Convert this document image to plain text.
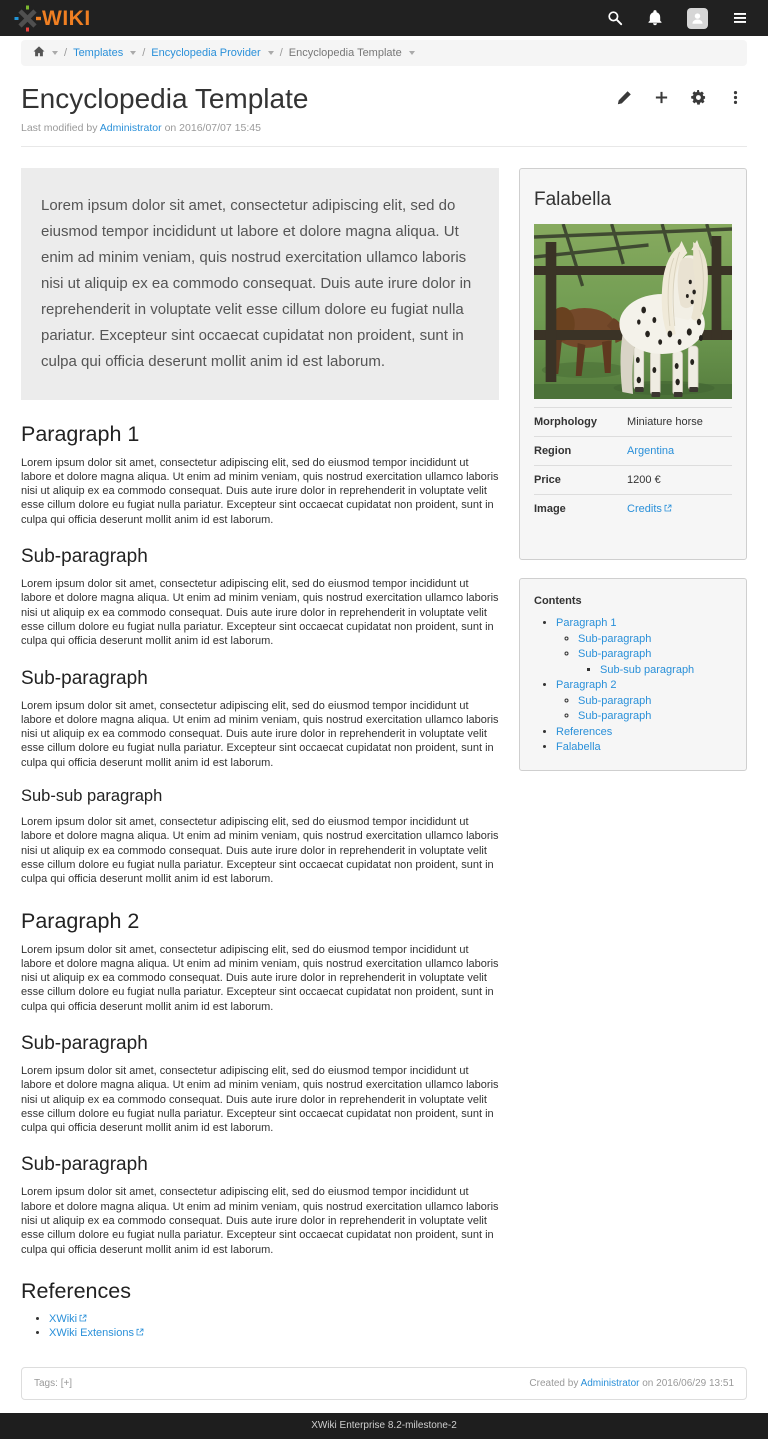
WIKI
/ Templates / Encyclopedia Provider / Encyclopedia Template
Encyclopedia Template
Last modified by Administrator on 2016/07/07 15:45
Lorem ipsum dolor sit amet, consectetur adipiscing elit, sed do eiusmod tempor incididunt ut labore et dolore magna aliqua. Ut enim ad minim veniam, quis nostrud exercitation ullamco laboris nisi ut aliquip ex ea commodo consequat. Duis aute irure dolor in reprehenderit in voluptate velit esse cillum dolore eu fugiat nulla pariatur. Excepteur sint occaecat cupidatat non proident, sunt in culpa qui officia deserunt mollit anim id est laborum.
Paragraph 1

Lorem ipsum dolor sit amet, consectetur adipiscing elit, sed do eiusmod tempor incididunt ut labore et dolore magna aliqua. Ut enim ad minim veniam, quis nostrud exercitation ullamco laboris nisi ut aliquip ex ea commodo consequat. Duis aute irure dolor in reprehenderit in voluptate velit esse cillum dolore eu fugiat nulla pariatur. Excepteur sint occaecat cupidatat non proident, sunt in culpa qui officia deserunt mollit anim id est laborum.

Sub-paragraph

Lorem ipsum dolor sit amet, consectetur adipiscing elit, sed do eiusmod tempor incididunt ut labore et dolore magna aliqua. Ut enim ad minim veniam, quis nostrud exercitation ullamco laboris nisi ut aliquip ex ea commodo consequat. Duis aute irure dolor in reprehenderit in voluptate velit esse cillum dolore eu fugiat nulla pariatur. Excepteur sint occaecat cupidatat non proident, sunt in culpa qui officia deserunt mollit anim id est laborum.

Sub-paragraph

Lorem ipsum dolor sit amet, consectetur adipiscing elit, sed do eiusmod tempor incididunt ut labore et dolore magna aliqua. Ut enim ad minim veniam, quis nostrud exercitation ullamco laboris nisi ut aliquip ex ea commodo consequat. Duis aute irure dolor in reprehenderit in voluptate velit esse cillum dolore eu fugiat nulla pariatur. Excepteur sint occaecat cupidatat non proident, sunt in culpa qui officia deserunt mollit anim id est laborum.

Sub-sub paragraph

Lorem ipsum dolor sit amet, consectetur adipiscing elit, sed do eiusmod tempor incididunt ut labore et dolore magna aliqua. Ut enim ad minim veniam, quis nostrud exercitation ullamco laboris nisi ut aliquip ex ea commodo consequat. Duis aute irure dolor in reprehenderit in voluptate velit esse cillum dolore eu fugiat nulla pariatur. Excepteur sint occaecat cupidatat non proident, sunt in culpa qui officia deserunt mollit anim id est laborum.

Paragraph 2

Lorem ipsum dolor sit amet, consectetur adipiscing elit, sed do eiusmod tempor incididunt ut labore et dolore magna aliqua. Ut enim ad minim veniam, quis nostrud exercitation ullamco laboris nisi ut aliquip ex ea commodo consequat. Duis aute irure dolor in reprehenderit in voluptate velit esse cillum dolore eu fugiat nulla pariatur. Excepteur sint occaecat cupidatat non proident, sunt in culpa qui officia deserunt mollit anim id est laborum.

Sub-paragraph

Lorem ipsum dolor sit amet, consectetur adipiscing elit, sed do eiusmod tempor incididunt ut labore et dolore magna aliqua. Ut enim ad minim veniam, quis nostrud exercitation ullamco laboris nisi ut aliquip ex ea commodo consequat. Duis aute irure dolor in reprehenderit in voluptate velit esse cillum dolore eu fugiat nulla pariatur. Excepteur sint occaecat cupidatat non proident, sunt in culpa qui officia deserunt mollit anim id est laborum.

Sub-paragraph

Lorem ipsum dolor sit amet, consectetur adipiscing elit, sed do eiusmod tempor incididunt ut labore et dolore magna aliqua. Ut enim ad minim veniam, quis nostrud exercitation ullamco laboris nisi ut aliquip ex ea commodo consequat. Duis aute irure dolor in reprehenderit in voluptate velit esse cillum dolore eu fugiat nulla pariatur. Excepteur sint occaecat cupidatat non proident, sunt in culpa qui officia deserunt mollit anim id est laborum.

References
• XWiki
• XWiki Extensions
Falabella
Morphology	Miniature horse
Region	Argentina
Price	1200 €
Image	Credits
Contents
• Paragraph 1
◦ Sub-paragraph
◦ Sub-paragraph
▪ Sub-sub paragraph
• Paragraph 2
◦ Sub-paragraph
◦ Sub-paragraph
• References
• Falabella
Tags: [+]	Created by Administrator on 2016/06/29 13:51
XWiki Enterprise 8.2-milestone-2
